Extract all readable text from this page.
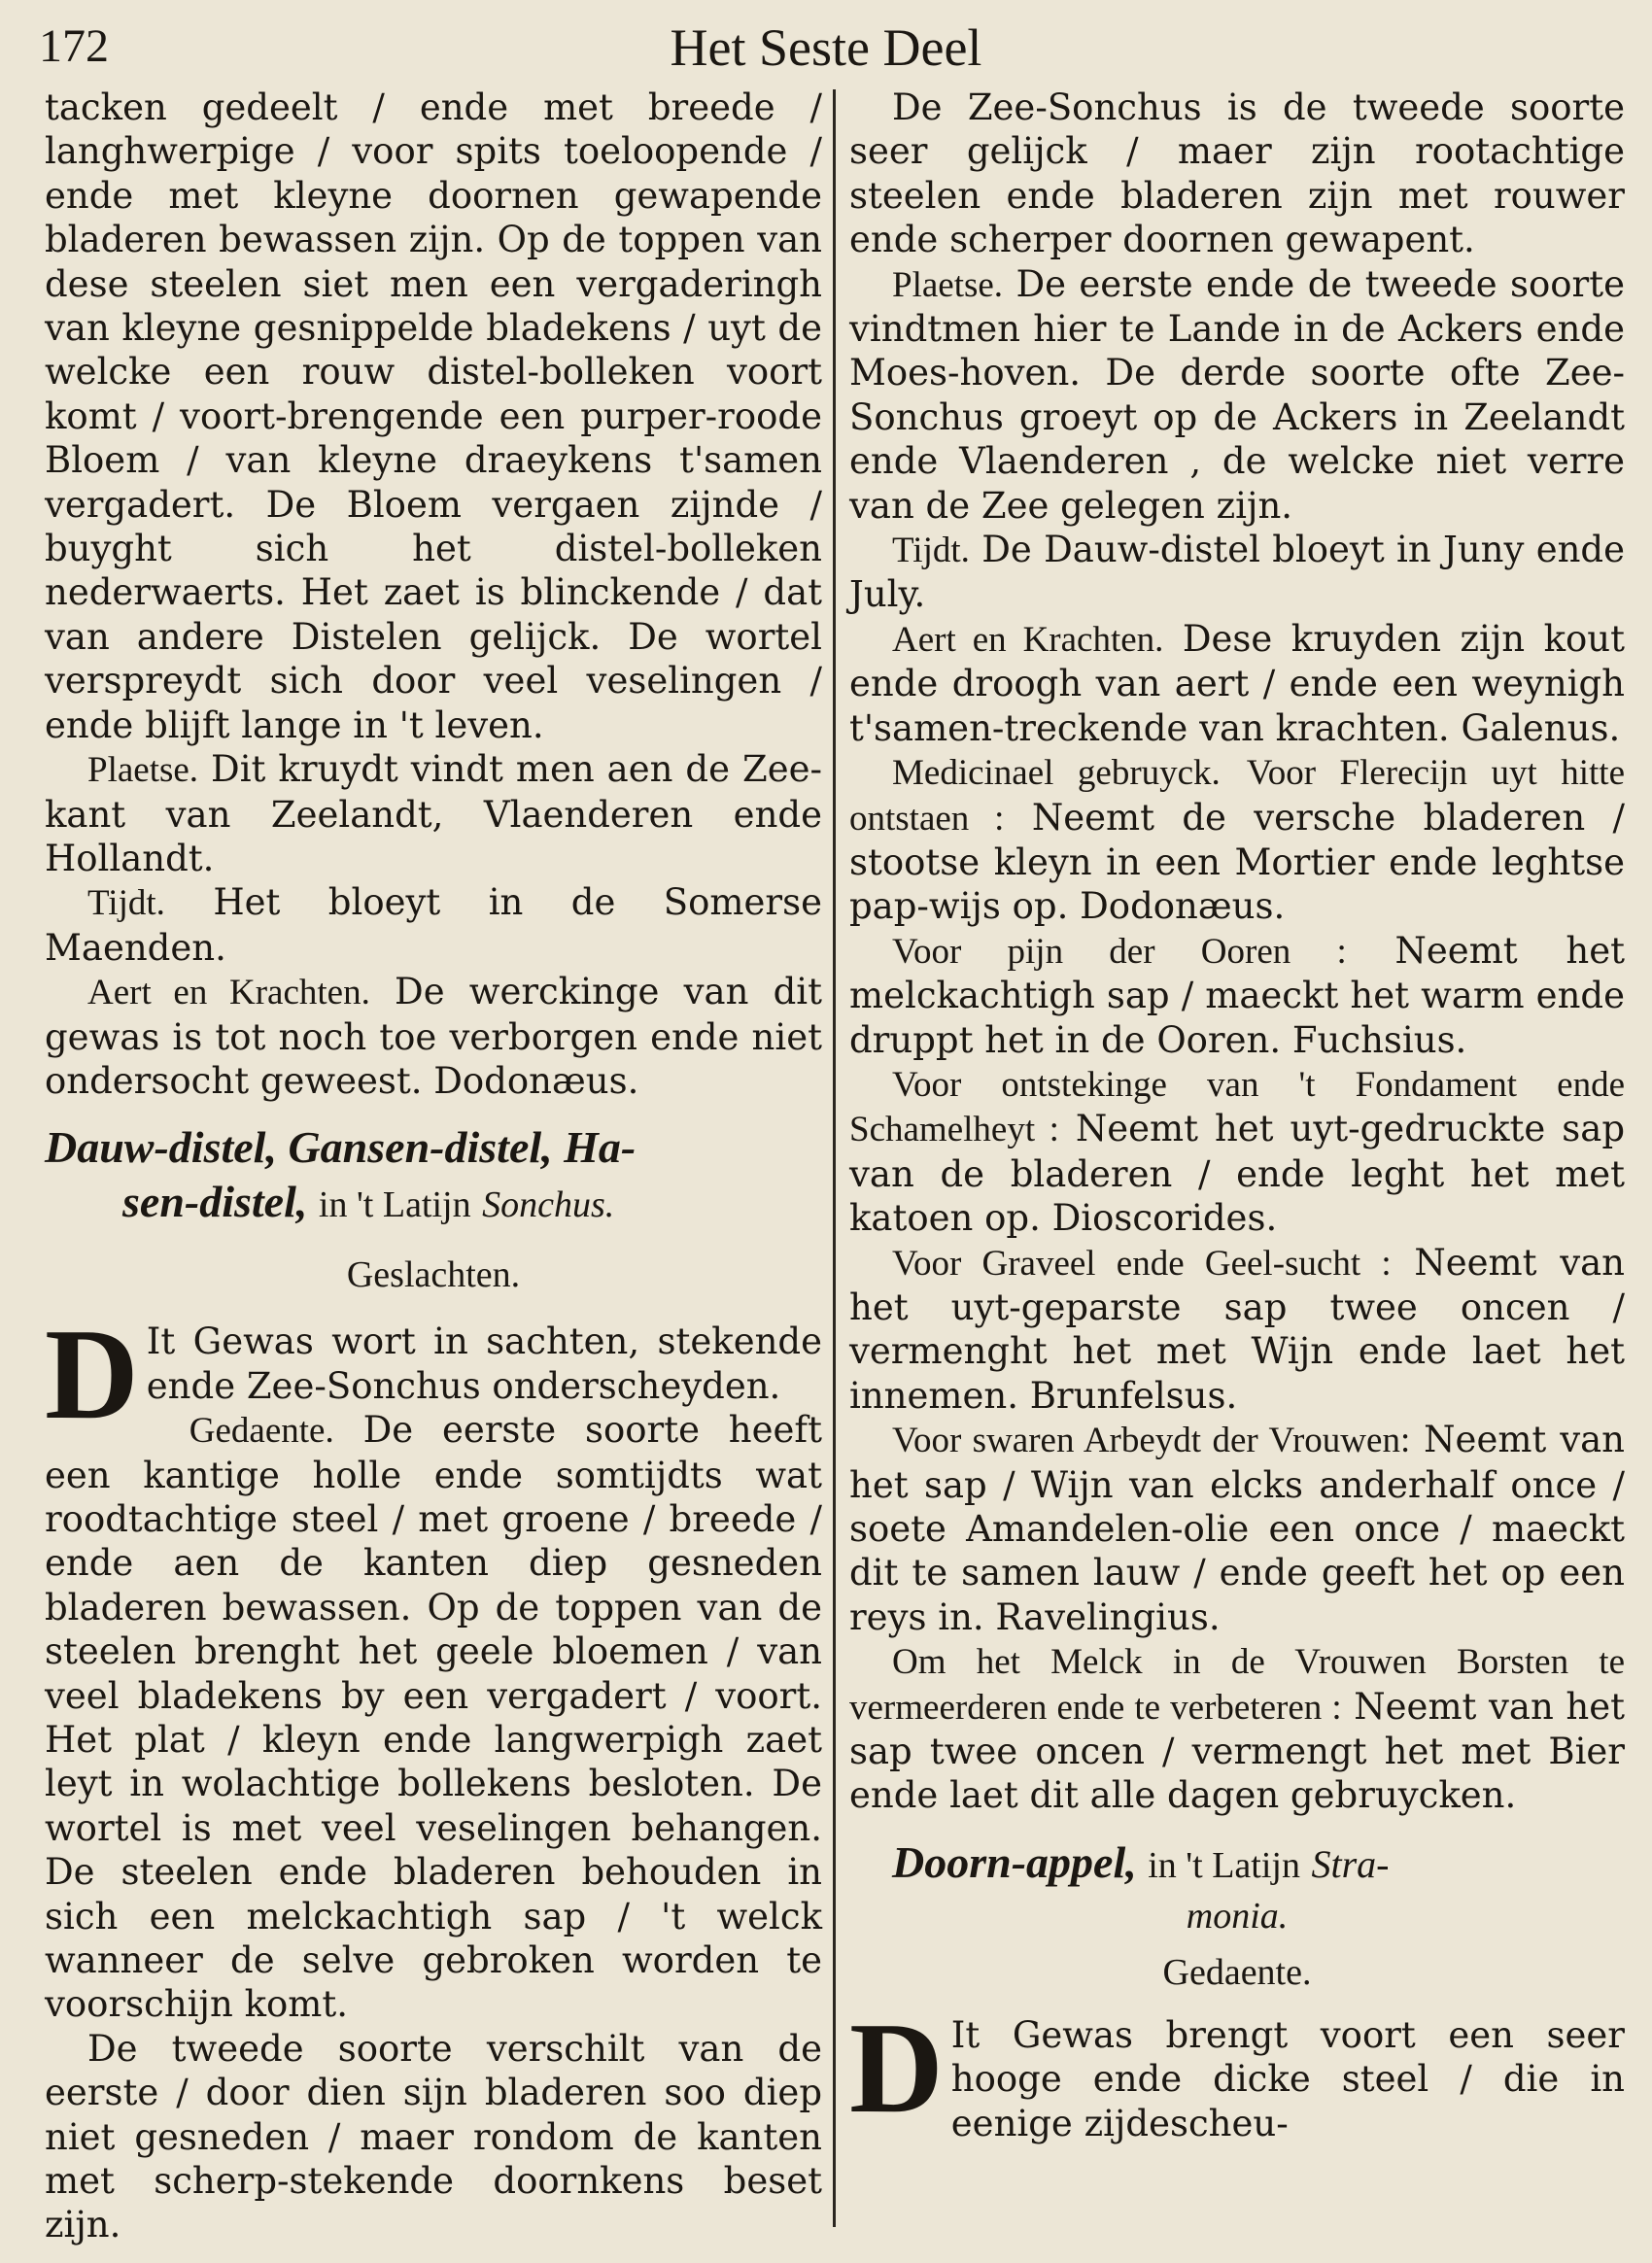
Het Seste Deel
172

tacken gedeelt / ende met breede / langhwerpige / voor spits toeloopende / ende met kleyne doornen gewapende bladeren bewassen zijn. Op de toppen van dese steelen siet men een vergaderingh van kleyne gesnippelde bladekens / uyt de welcke een rouw distel-bolleken voort komt / voort-brengende een purper-roode Bloem / van kleyne draeykens t'samen vergadert. De Bloem vergaen zijnde / buyght sich het distel-bolleken nederwaerts. Het zaet is blinckende / dat van andere Distelen gelijck. De wortel verspreydt sich door veel veselingen / ende blijft lange in 't leven.

Plaetse. Dit kruydt vindt men aen de Zee-kant van Zeelandt, Vlaenderen ende Hollandt.

Tijdt. Het bloeyt in de Somerse Maenden.

Aert en Krachten. De werckinge van dit gewas is tot noch toe verborgen ende niet ondersocht geweest. Dodonæus.

Dauw-distel, Gansen-distel, Ha-

sen-distel, in 't Latijn Sonchus.

Geslachten.

D It Gewas wort in sachten, stekende ende Zee-Sonchus onderscheyden.

Gedaente. De eerste soorte heeft een kantige holle ende somtijdts wat roodtachtige steel / met groene / breede / ende aen de kanten diep gesneden bladeren bewassen. Op de toppen van de steelen brenght het geele bloemen / van veel bladekens by een vergadert / voort. Het plat / kleyn ende langwerpigh zaet leyt in wolachtige bollekens besloten. De wortel is met veel veselingen behangen. De steelen ende bladeren behouden in sich een melckachtigh sap / 't welck wanneer de selve gebroken worden te voorschijn komt.

De tweede soorte verschilt van de eerste / door dien sijn bladeren soo diep niet gesneden / maer rondom de kanten met scherp-stekende doornkens beset zijn.

De Zee-Sonchus is de tweede soorte seer gelijck / maer zijn rootachtige steelen ende bladeren zijn met rouwer ende scherper doornen gewapent.

Plaetse. De eerste ende de tweede soorte vindtmen hier te Lande in de Ackers ende Moes-hoven. De derde soorte ofte Zee-Sonchus groeyt op de Ackers in Zeelandt ende Vlaenderen , de welcke niet verre van de Zee gelegen zijn.

Tijdt. De Dauw-distel bloeyt in Juny ende July.

Aert en Krachten. Dese kruyden zijn kout ende droogh van aert / ende een weynigh t'samen-treckende van krachten. Galenus.

Medicinael gebruyck. Voor Flerecijn uyt hitte ontstaen : Neemt de versche bladeren / stootse kleyn in een Mortier ende leghtse pap-wijs op. Dodonæus.

Voor pijn der Ooren : Neemt het melckachtigh sap / maeckt het warm ende druppt het in de Ooren. Fuchsius.

Voor ontstekinge van 't Fondament ende Schamelheyt : Neemt het uyt-gedruckte sap van de bladeren / ende leght het met katoen op. Dioscorides.

Voor Graveel ende Geel-sucht : Neemt van het uyt-geparste sap twee oncen / vermenght het met Wijn ende laet het innemen. Brunfelsus.

Voor swaren Arbeydt der Vrouwen: Neemt van het sap / Wijn van elcks anderhalf once / soete Amandelen-olie een once / maeckt dit te samen lauw / ende geeft het op een reys in. Ravelingius.

Om het Melck in de Vrouwen Borsten te vermeerderen ende te verbeteren : Neemt van het sap twee oncen / vermengt het met Bier ende laet dit alle dagen gebruycken.

Doorn-appel, in 't Latijn Stra-

monia.

Gedaente.

D It Gewas brengt voort een seer hooge ende dicke steel / die in eenige zijdescheu-
